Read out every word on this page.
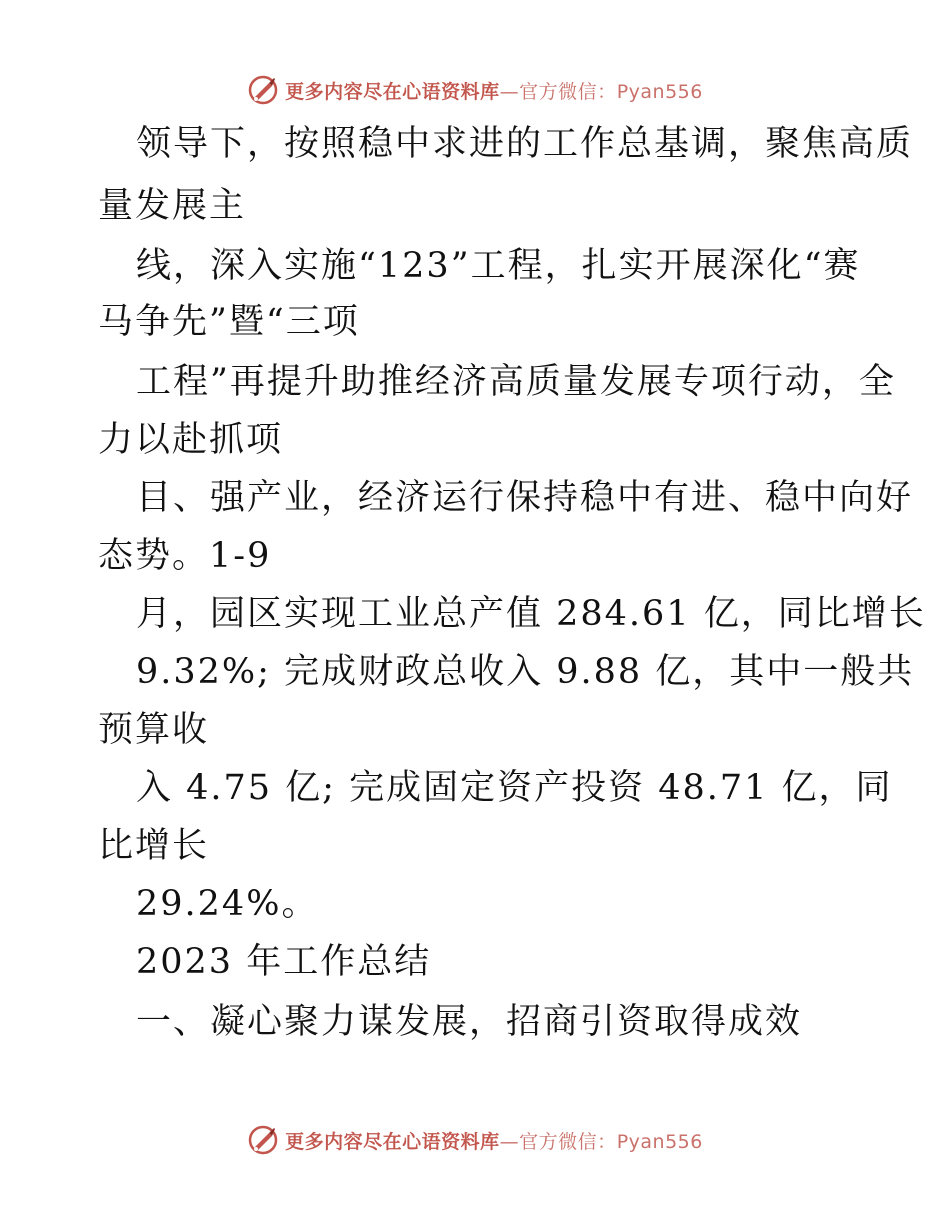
更多内容尽在心语资料库—官方微信：Pyan556
领导下，按照稳中求进的工作总基调，聚焦高质
量发展主
线，深入实施“123”工程，扎实开展深化“赛
马争先”暨“三项
工程”再提升助推经济高质量发展专项行动，全
力以赴抓项
目、强产业，经济运行保持稳中有进、稳中向好
态势。1-9
月，园区实现工业总产值 284.61 亿，同比增长
9.32%; 完成财政总收入 9.88 亿，其中一般共
预算收
入 4.75 亿; 完成固定资产投资 48.71 亿，同
比增长
29.24%。
2023 年工作总结
一、凝心聚力谋发展，招商引资取得成效
更多内容尽在心语资料库—官方微信：Pyan556
